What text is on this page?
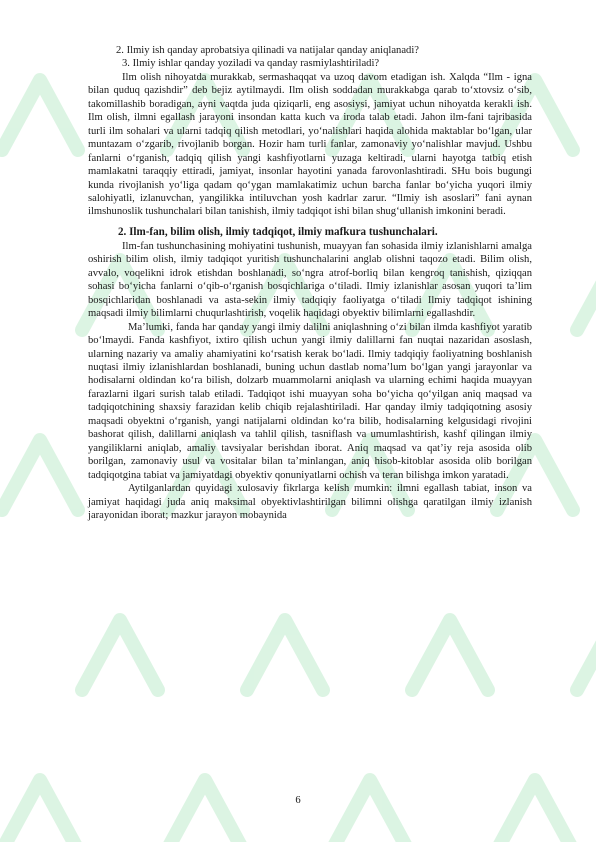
2. Ilmiy ish qanday aprobatsiya qilinadi va natijalar qanday aniqlanadi?

3. Ilmiy ishlar qanday yoziladi va qanday rasmiylashtiriladi?

Ilm olish nihoyatda murakkab, sermashaqqat va uzoq davom etadigan ish. Xalqda “Ilm - igna bilan quduq qazishdir” deb bejiz aytilmaydi. Ilm olish soddadan murakkabga qarab to‘xtovsiz o‘sib, takomillashib boradigan, ayni vaqtda juda qiziqarli, eng asosiysi, jamiyat uchun nihoyatda kerakli ish. Ilm olish, ilmni egallash jarayoni insondan katta kuch va iroda talab etadi. Jahon ilm-fani tajribasida turli ilm sohalari va ularni tadqiq qilish metodlari, yo‘nalishlari haqida alohida maktablar bo‘lgan, ular muntazam o‘zgarib, rivojlanib borgan. Hozir ham turli fanlar, zamonaviy yo‘nalishlar mavjud. Ushbu fanlarni o‘rganish, tadqiq qilish yangi kashfiyotlarni yuzaga keltiradi, ularni hayotga tatbiq etish mamlakatni taraqqiy ettiradi, jamiyat, insonlar hayotini yanada farovonlashtiradi. SHu bois bugungi kunda rivojlanish yo‘liga qadam qo‘ygan mamlakatimiz uchun barcha fanlar bo‘yicha yuqori ilmiy salohiyatli, izlanuvchan, yangilikka intiluvchan yosh kadrlar zarur. “Ilmiy ish asoslari” fani aynan ilmshunoslik tushunchalari bilan tanishish, ilmiy tadqiqot ishi bilan shug‘ullanish imkonini beradi.

2. Ilm-fan, bilim olish, ilmiy tadqiqot, ilmiy mafkura tushunchalari.

Ilm-fan tushunchasining mohiyatini tushunish, muayyan fan sohasida ilmiy izlanishlarni amalga oshirish bilim olish, ilmiy tadqiqot yuritish tushunchalarini anglab olishni taqozo etadi. Bilim olish, avvalo, voqelikni idrok etishdan boshlanadi, so‘ngra atrof-borliq bilan kengroq tanishish, qiziqqan sohasi bo‘yicha fanlarni o‘qib-o‘rganish bosqichlariga o‘tiladi. Ilmiy izlanishlar asosan yuqori ta’lim bosqichlaridan boshlanadi va asta-sekin ilmiy tadqiqiy faoliyatga o‘tiladi Ilmiy tadqiqot ishining maqsadi ilmiy bilimlarni chuqurlashtirish, voqelik haqidagi obyektiv bilimlarni egallashdir.

Ma’lumki, fanda har qanday yangi ilmiy dalilni aniqlashning o‘zi bilan ilmda kashfiyot yaratib bo‘lmaydi. Fanda kashfiyot, ixtiro qilish uchun yangi ilmiy dalillarni fan nuqtai nazaridan asoslash, ularning nazariy va amaliy ahamiyatini ko‘rsatish kerak bo‘ladi. Ilmiy tadqiqiy faoliyatning boshlanish nuqtasi ilmiy izlanishlardan boshlanadi, buning uchun dastlab noma’lum bo‘lgan yangi jarayonlar va hodisalarni oldindan ko‘ra bilish, dolzarb muammolarni aniqlash va ularning echimi haqida muayyan farazlarni ilgari surish talab etiladi. Tadqiqot ishi muayyan soha bo‘yicha qo‘yilgan aniq maqsad va tadqiqotchining shaxsiy farazidan kelib chiqib rejalashtiriladi. Har qanday ilmiy tadqiqotning asosiy maqsadi obyektni o‘rganish, yangi natijalarni oldindan ko‘ra bilib, hodisalarning kelgusidagi rivojini bashorat qilish, dalillarni aniqlash va tahlil qilish, tasniflash va umumlashtirish, kashf qilingan ilmiy yangiliklarni aniqlab, amaliy tavsiyalar berishdan iborat. Aniq maqsad va qat’iy reja asosida olib borilgan, zamonaviy usul va vositalar bilan ta’minlangan, aniq hisob-kitoblar asosida olib borilgan tadqiqotgina tabiat va jamiyatdagi obyektiv qonuniyatlarni ochish va teran bilishga imkon yaratadi.

Aytilganlardan quyidagi xulosaviy fikrlarga kelish mumkin: ilmni egallash tabiat, inson va jamiyat haqidagi juda aniq maksimal obyektivlashtirilgan bilimni olishga qaratilgan ilmiy izlanish jarayonidan iborat; mazkur jarayon mobaynida

6
